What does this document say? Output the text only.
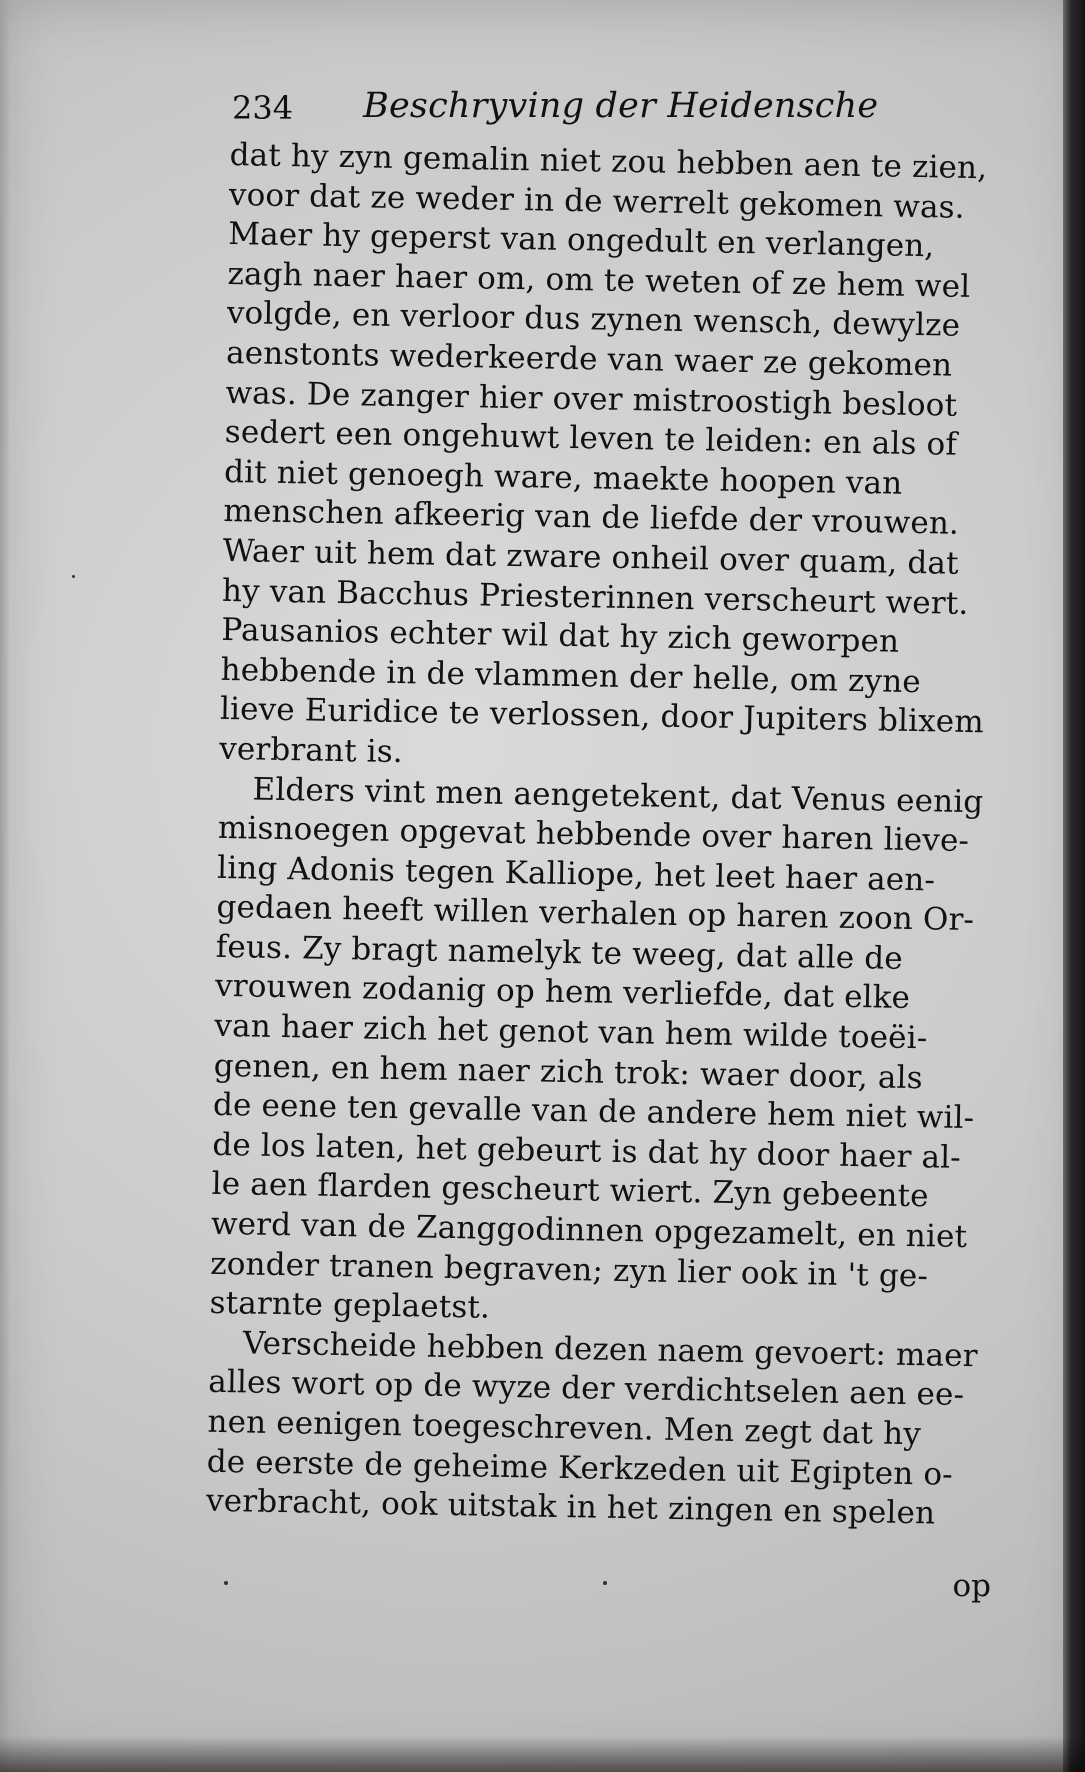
234 Beschryving der Heidensche
dat hy zyn gemalin niet zou hebben aen te zien,
voor dat ze weder in de werrelt gekomen was.
Maer hy geperst van ongedult en verlangen,
zagh naer haer om, om te weten of ze hem wel
volgde, en verloor dus zynen wensch, dewylze
aenstonts wederkeerde van waer ze gekomen
was. De zanger hier over mistroostigh besloot
sedert een ongehuwt leven te leiden: en als of
dit niet genoegh ware, maekte hoopen van
menschen afkeerig van de liefde der vrouwen.
Waer uit hem dat zware onheil over quam, dat
hy van Bacchus Priesterinnen verscheurt wert.
Pausanios echter wil dat hy zich geworpen
hebbende in de vlammen der helle, om zyne
lieve Euridice te verlossen, door Jupiters blixem
verbrant is.
Elders vint men aengetekent, dat Venus eenig
misnoegen opgevat hebbende over haren lieve-
ling Adonis tegen Kalliope, het leet haer aen-
gedaen heeft willen verhalen op haren zoon Or-
feus. Zy bragt namelyk te weeg, dat alle de
vrouwen zodanig op hem verliefde, dat elke
van haer zich het genot van hem wilde toeëi-
genen, en hem naer zich trok: waer door, als
de eene ten gevalle van de andere hem niet wil-
de los laten, het gebeurt is dat hy door haer al-
le aen flarden gescheurt wiert. Zyn gebeente
werd van de Zanggodinnen opgezamelt, en niet
zonder tranen begraven; zyn lier ook in 't ge-
starnte geplaetst.
Verscheide hebben dezen naem gevoert: maer
alles wort op de wyze der verdichtselen aen ee-
nen eenigen toegeschreven. Men zegt dat hy
de eerste de geheime Kerkzeden uit Egipten o-
verbracht, ook uitstak in het zingen en spelen
op
